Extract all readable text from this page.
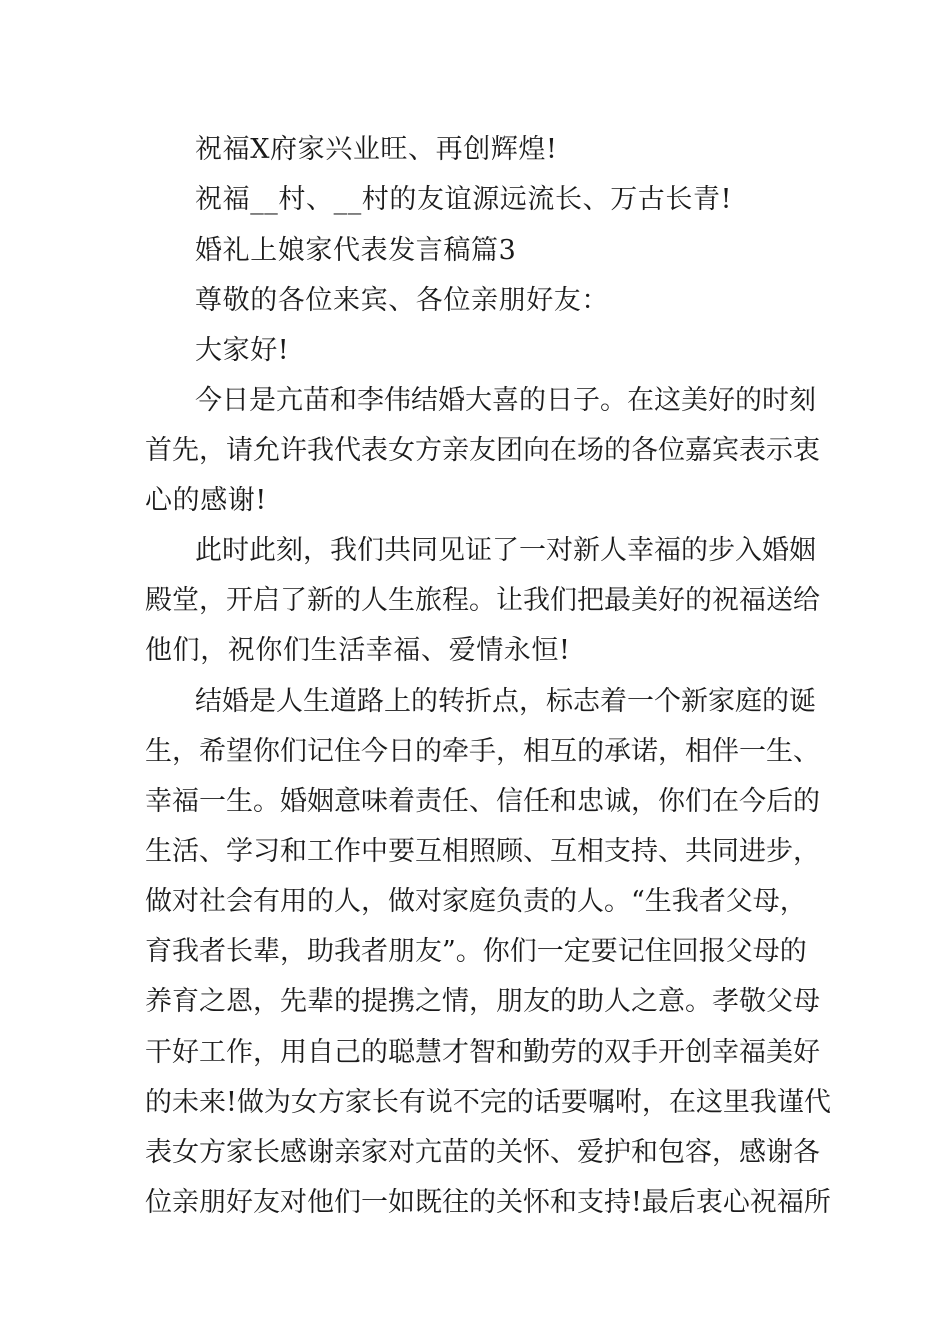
祝福X府家兴业旺、再创辉煌!
祝福__村、__村的友谊源远流长、万古长青!
婚礼上娘家代表发言稿篇3
尊敬的各位来宾、各位亲朋好友：
大家好!
今日是亢苗和李伟结婚大喜的日子。在这美好的时刻
首先，请允许我代表女方亲友团向在场的各位嘉宾表示衷
心的感谢!
此时此刻，我们共同见证了一对新人幸福的步入婚姻
殿堂，开启了新的人生旅程。让我们把最美好的祝福送给
他们，祝你们生活幸福、爱情永恒!
结婚是人生道路上的转折点，标志着一个新家庭的诞
生，希望你们记住今日的牵手，相互的承诺，相伴一生、
幸福一生。婚姻意味着责任、信任和忠诚，你们在今后的
生活、学习和工作中要互相照顾、互相支持、共同进步，
做对社会有用的人，做对家庭负责的人。“生我者父母，
育我者长辈，助我者朋友”。你们一定要记住回报父母的
养育之恩，先辈的提携之情，朋友的助人之意。孝敬父母
干好工作，用自己的聪慧才智和勤劳的双手开创幸福美好
的未来!做为女方家长有说不完的话要嘱咐，在这里我谨代
表女方家长感谢亲家对亢苗的关怀、爱护和包容，感谢各
位亲朋好友对他们一如既往的关怀和支持!最后衷心祝福所
